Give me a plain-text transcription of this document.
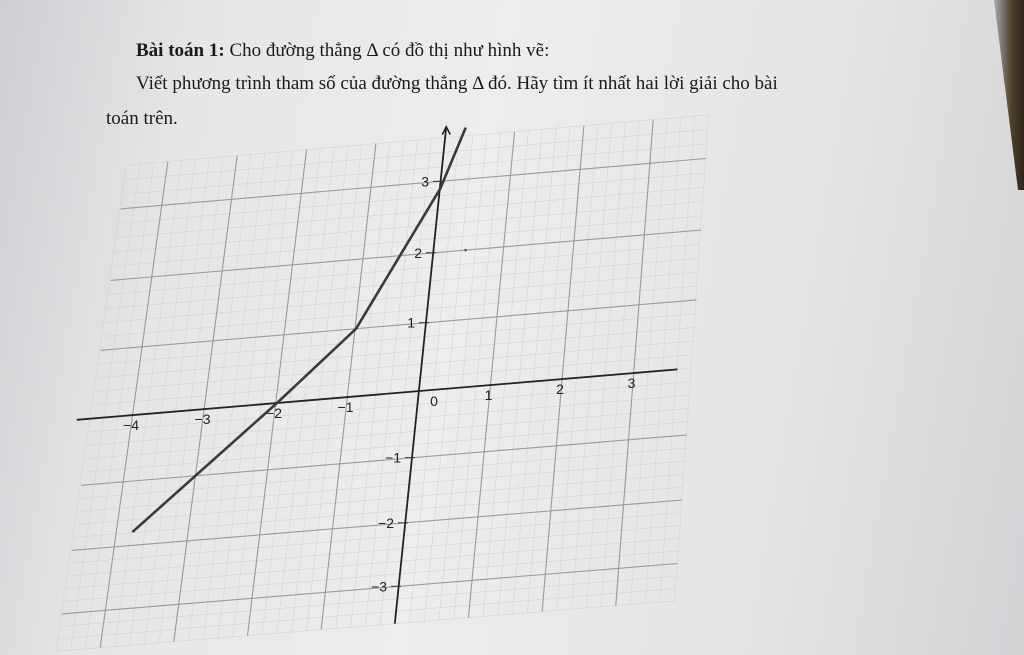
Bài toán 1: Cho đường thẳng Δ có đồ thị như hình vẽ:
Viết phương trình tham số của đường thẳng Δ đó. Hãy tìm ít nhất hai lời giải cho bài
toán trên.
−4	−3	−2	−1	0	1	2	3
3
2
1
−1
−2
−3
